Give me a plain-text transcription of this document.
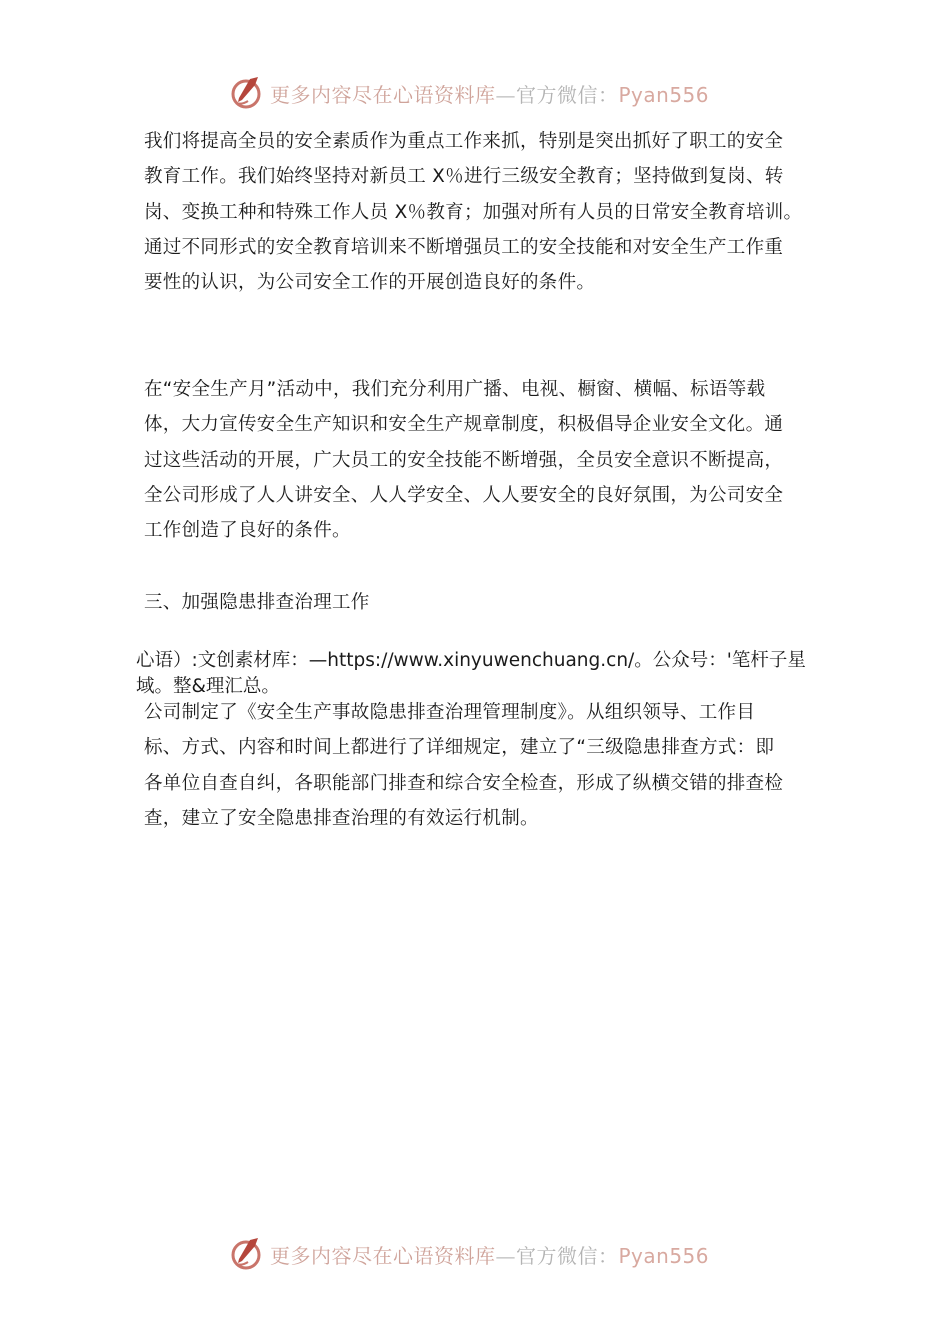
更多内容尽在心语资料库—官方微信：Pyan556

我们将提高全员的安全素质作为重点工作来抓，特别是突出抓好了职工的安全
教育工作。我们始终坚持对新员工 X％进行三级安全教育；坚持做到复岗、转
岗、变换工种和特殊工作人员 X％教育；加强对所有人员的日常安全教育培训。
通过不同形式的安全教育培训来不断增强员工的安全技能和对安全生产工作重
要性的认识，为公司安全工作的开展创造良好的条件。

在“安全生产月”活动中，我们充分利用广播、电视、橱窗、横幅、标语等载
体，大力宣传安全生产知识和安全生产规章制度，积极倡导企业安全文化。通
过这些活动的开展，广大员工的安全技能不断增强，全员安全意识不断提高，
全公司形成了人人讲安全、人人学安全、人人要安全的良好氛围，为公司安全
工作创造了良好的条件。

三、加强隐患排查治理工作

心语）:文创素材库：—https://www.xinyuwenchuang.cn/。公众号：'笔杆子星
域。整&理汇总。

公司制定了《安全生产事故隐患排查治理管理制度》。从组织领导、工作目
标、方式、内容和时间上都进行了详细规定，建立了“三级隐患排查方式：即
各单位自查自纠，各职能部门排查和综合安全检查，形成了纵横交错的排查检
查，建立了安全隐患排查治理的有效运行机制。

更多内容尽在心语资料库—官方微信：Pyan556
